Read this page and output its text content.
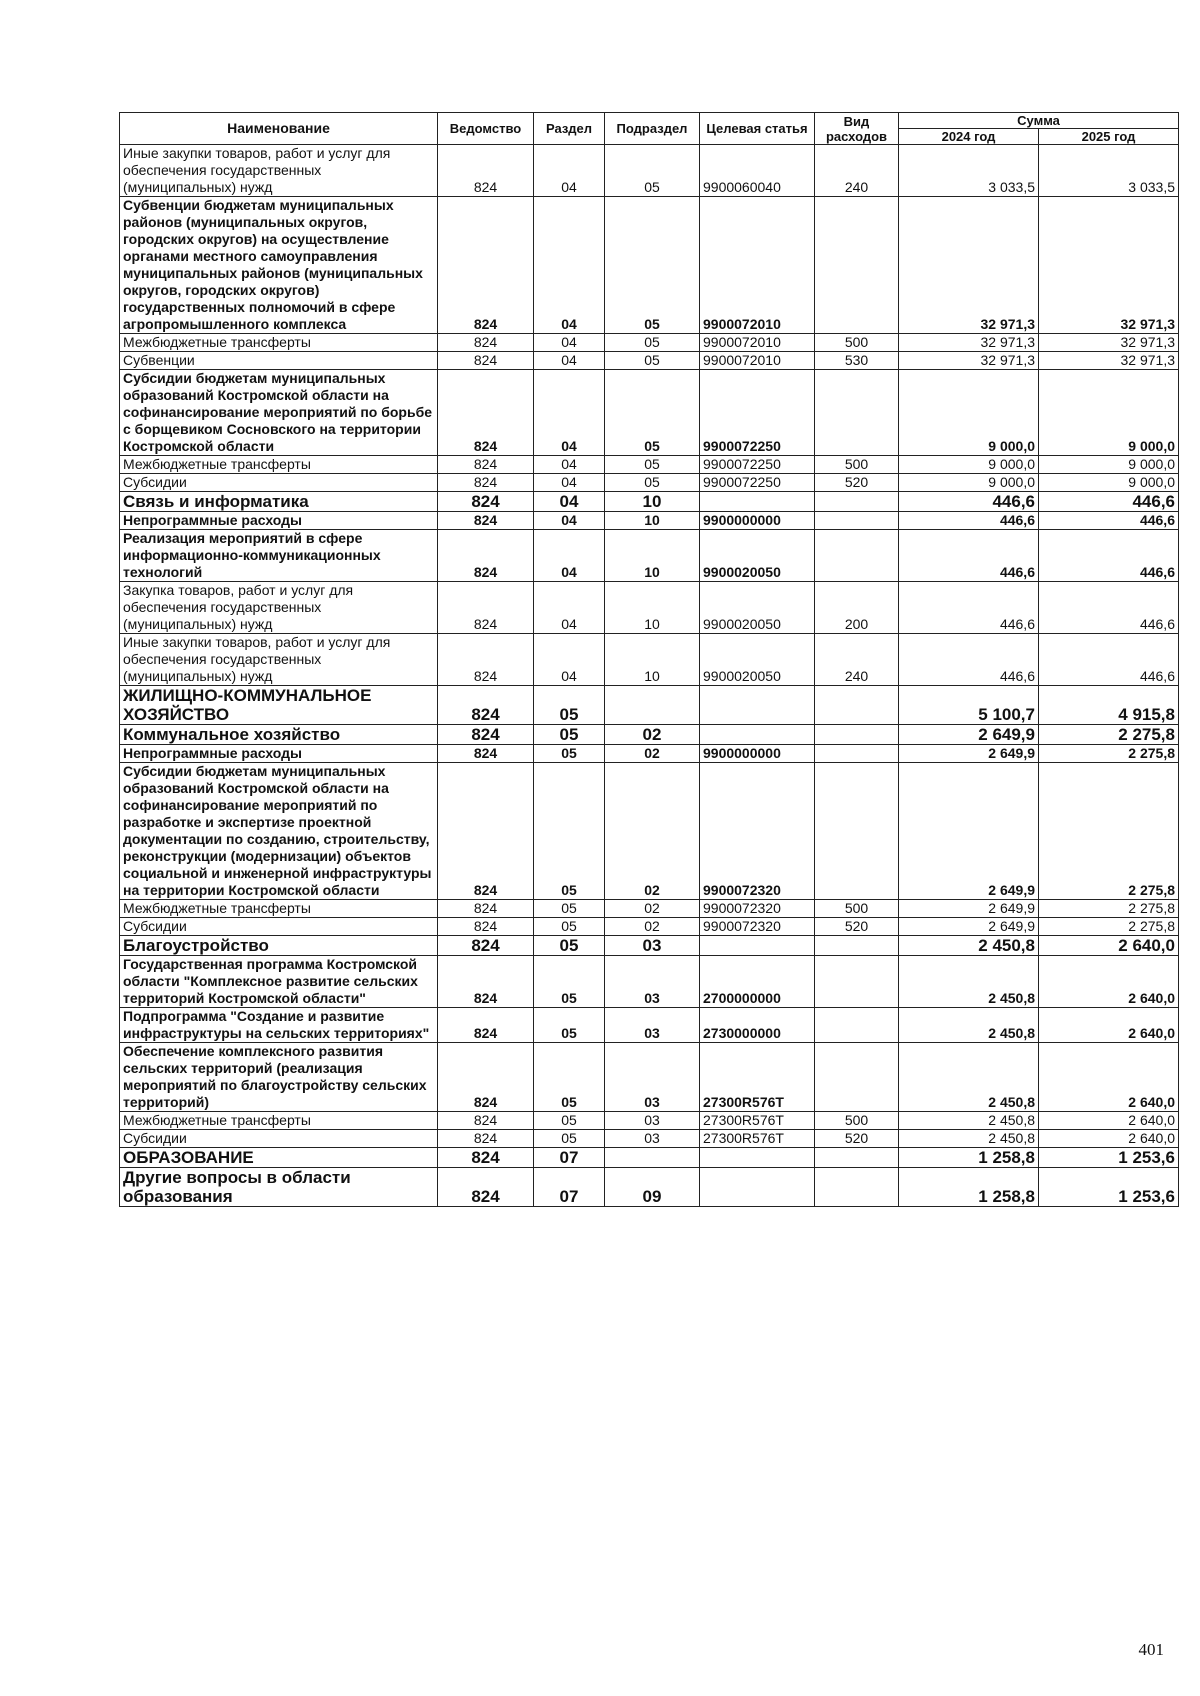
Наименование	Ведомство	Раздел	Подраздел	Целевая статья	Вид расходов	Сумма	
						2024 год	2025 год
Иные закупки товаров, работ и услуг для обеспечения государственных (муниципальных) нужд	824	04	05	9900060040	240	3 033,5	3 033,5
Субвенции бюджетам муниципальных районов (муниципальных округов, городских округов) на осуществление органами местного самоуправления муниципальных районов (муниципальных округов, городских округов) государственных полномочий в сфере агропромышленного комплекса	824	04	05	9900072010		32 971,3	32 971,3
Межбюджетные трансферты	824	04	05	9900072010	500	32 971,3	32 971,3
Субвенции	824	04	05	9900072010	530	32 971,3	32 971,3
Субсидии бюджетам муниципальных образований Костромской области на софинансирование мероприятий по борьбе с борщевиком Сосновского на территории Костромской области	824	04	05	9900072250		9 000,0	9 000,0
Межбюджетные трансферты	824	04	05	9900072250	500	9 000,0	9 000,0
Субсидии	824	04	05	9900072250	520	9 000,0	9 000,0
Связь и информатика	824	04	10			446,6	446,6
Непрограммные расходы	824	04	10	9900000000		446,6	446,6
Реализация мероприятий в сфере информационно-коммуникационных технологий	824	04	10	9900020050		446,6	446,6
Закупка товаров, работ и услуг для обеспечения государственных (муниципальных) нужд	824	04	10	9900020050	200	446,6	446,6
Иные закупки товаров, работ и услуг для обеспечения государственных (муниципальных) нужд	824	04	10	9900020050	240	446,6	446,6
ЖИЛИЩНО-КОММУНАЛЬНОЕ ХОЗЯЙСТВО	824	05				5 100,7	4 915,8
Коммунальное хозяйство	824	05	02			2 649,9	2 275,8
Непрограммные расходы	824	05	02	9900000000		2 649,9	2 275,8
Субсидии бюджетам муниципальных образований Костромской области на софинансирование мероприятий по разработке и экспертизе проектной документации по созданию, строительству, реконструкции (модернизации) объектов социальной и инженерной инфраструктуры на территории Костромской области	824	05	02	9900072320		2 649,9	2 275,8
Межбюджетные трансферты	824	05	02	9900072320	500	2 649,9	2 275,8
Субсидии	824	05	02	9900072320	520	2 649,9	2 275,8
Благоустройство	824	05	03			2 450,8	2 640,0
Государственная программа Костромской области "Комплексное развитие сельских территорий Костромской области"	824	05	03	2700000000		2 450,8	2 640,0
Подпрограмма "Создание и развитие инфраструктуры на сельских территориях"	824	05	03	2730000000		2 450,8	2 640,0
Обеспечение комплексного развития сельских территорий (реализация мероприятий по благоустройству сельских территорий)	824	05	03	27300R576T		2 450,8	2 640,0
Межбюджетные трансферты	824	05	03	27300R576T	500	2 450,8	2 640,0
Субсидии	824	05	03	27300R576T	520	2 450,8	2 640,0
ОБРАЗОВАНИЕ	824	07				1 258,8	1 253,6
Другие вопросы в области образования	824	07	09			1 258,8	1 253,6
401
